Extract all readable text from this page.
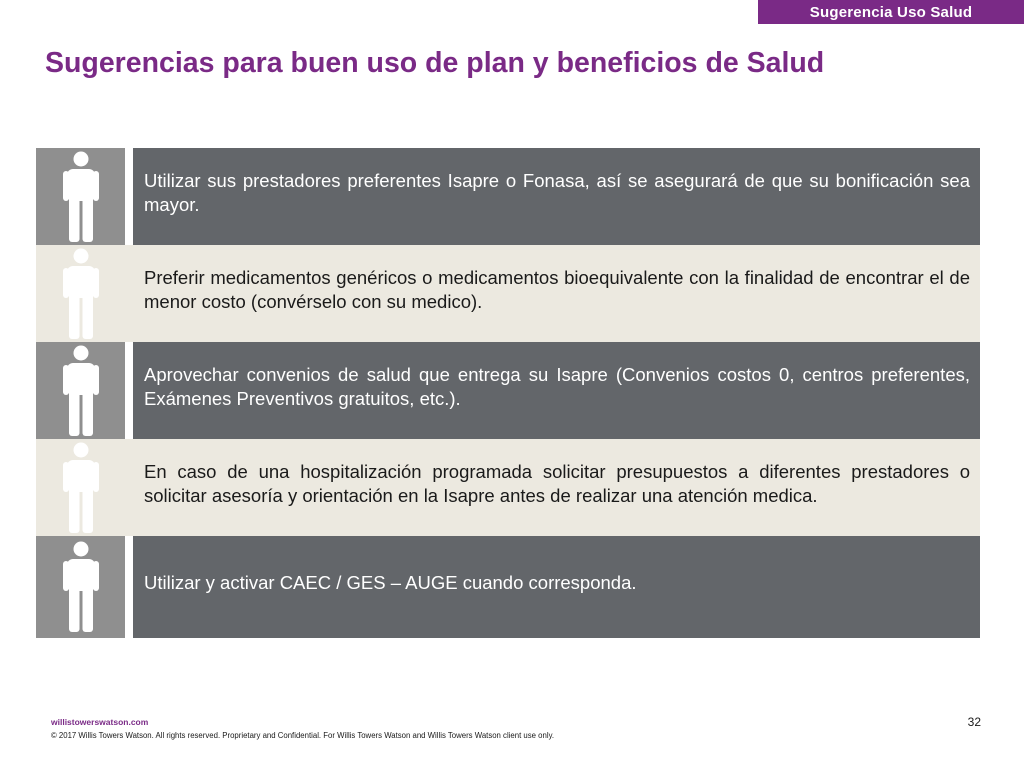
Sugerencia Uso Salud
Sugerencias para buen uso de plan y beneficios de Salud
Utilizar sus prestadores preferentes Isapre o Fonasa, así se asegurará de que su bonificación sea mayor.
Preferir medicamentos genéricos o medicamentos bioequivalente con la finalidad de encontrar el de menor costo (convérselo con su medico).
Aprovechar convenios de salud que entrega su Isapre (Convenios costos 0, centros preferentes, Exámenes Preventivos gratuitos, etc.).
En caso de una hospitalización programada solicitar presupuestos a diferentes prestadores o solicitar asesoría y orientación en la Isapre antes de realizar una atención medica.
Utilizar y activar CAEC / GES – AUGE cuando corresponda.
willistowerswatson.com	32
© 2017 Willis Towers Watson. All rights reserved. Proprietary and Confidential. For Willis Towers Watson and Willis Towers Watson client use only.
